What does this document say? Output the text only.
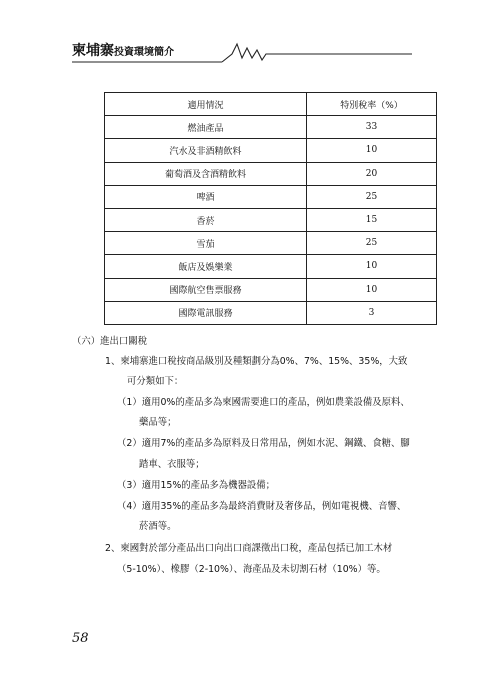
柬埔寨投資環境簡介
適用情況	特別稅率（%）
燃油產品	33
汽水及非酒精飲料	10
葡萄酒及含酒精飲料	20
啤酒	25
香菸	15
雪茄	25
飯店及娛樂業	10
國際航空售票服務	10
國際電訊服務	3
（六）進出口關稅
1、柬埔寨進口稅按商品級別及種類劃分為0%、7%、15%、35%，大致
可分類如下：
（1）適用0%的產品多為柬國需要進口的產品，例如農業設備及原料、
藥品等；
（2）適用7%的產品多為原料及日常用品，例如水泥、鋼鐵、食糖、腳
踏車、衣服等；
（3）適用15%的產品多為機器設備；
（4）適用35%的產品多為最終消費財及奢侈品，例如電視機、音響、
菸酒等。
2、柬國對於部分產品出口向出口商課徵出口稅，產品包括已加工木材
（5-10%）、橡膠（2-10%）、海產品及未切割石材（10%）等。
58
